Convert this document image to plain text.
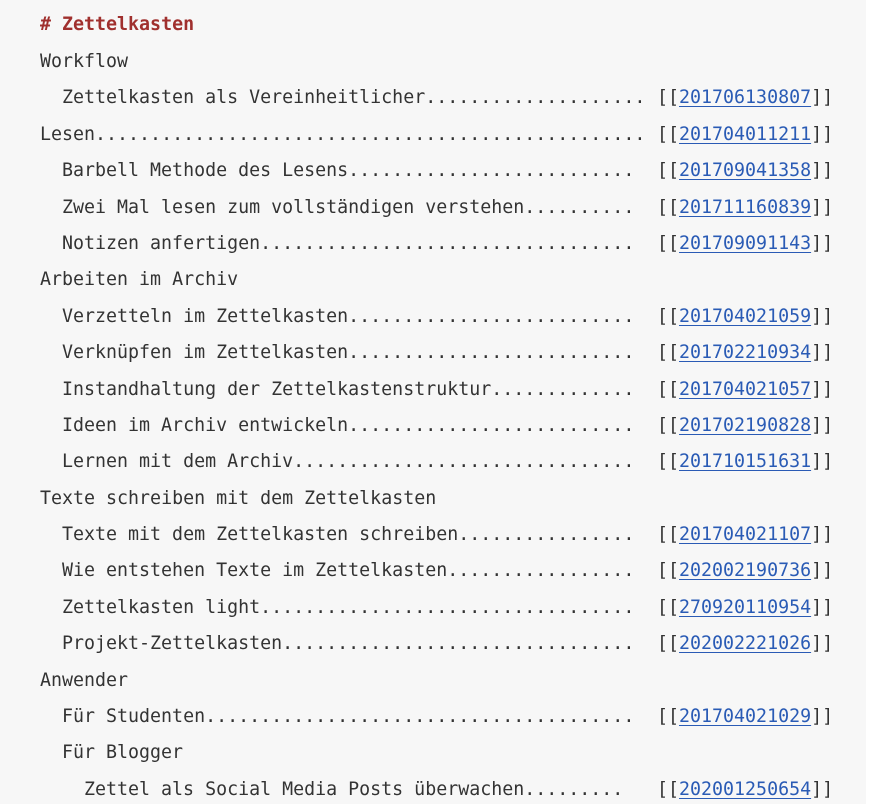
# Zettelkasten
Workflow
Zettelkasten als Vereinheitlicher.................... [[201706130807]]
Lesen.................................................. [[201704011211]]
Barbell Methode des Lesens.......................... [[201709041358]]
Zwei Mal lesen zum vollständigen verstehen.......... [[201711160839]]
Notizen anfertigen.................................. [[201709091143]]
Arbeiten im Archiv
Verzetteln im Zettelkasten.......................... [[201704021059]]
Verknüpfen im Zettelkasten.......................... [[201702210934]]
Instandhaltung der Zettelkastenstruktur............. [[201704021057]]
Ideen im Archiv entwickeln.......................... [[201702190828]]
Lernen mit dem Archiv............................... [[201710151631]]
Texte schreiben mit dem Zettelkasten
Texte mit dem Zettelkasten schreiben................ [[201704021107]]
Wie entstehen Texte im Zettelkasten................. [[202002190736]]
Zettelkasten light.................................. [[270920110954]]
Projekt-Zettelkasten................................ [[202002221026]]
Anwender
Für Studenten....................................... [[201704021029]]
Für Blogger
Zettel als Social Media Posts überwachen......... [[202001250654]]
